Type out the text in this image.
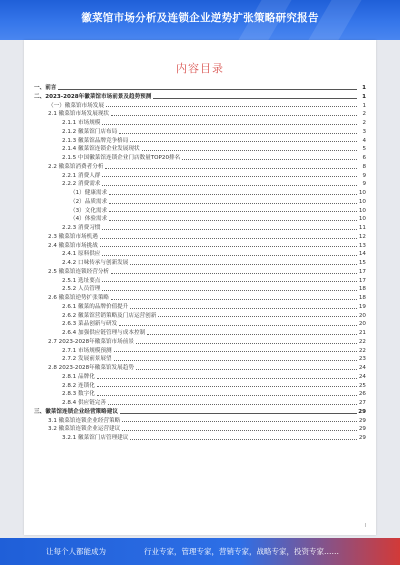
徽菜馆市场分析及连锁企业逆势扩张策略研究报告
内容目录
一、前言	1
二、2023-2028年徽菜馆市场前景及趋势预测	1
（一）徽菜馆市场发展	1
2.1 徽菜馆市场发展现状	2
2.1.1 市场规模	2
2.1.2 徽菜馆门店布局	3
2.1.3 徽菜馆品牌竞争格局	4
2.1.4 徽菜馆连锁企业发展现状	5
2.1.5 中国徽菜馆连锁企业门店数量TOP20排名	6
2.2 徽菜馆消费者分析	8
2.2.1 消费人群	9
2.2.2 消费需求	9
（1）健康需求	10
（2）品质需求	10
（3）文化需求	10
（4）体验需求	10
2.2.3 消费习惯	11
2.3 徽菜馆市场机遇	12
2.4 徽菜馆市场挑战	13
2.4.1 原料供应	14
2.4.2 口味传承与创新发展	15
2.5 徽菜馆连锁经营分析	17
2.5.1 选址要点	17
2.5.2 人员管理	18
2.6 徽菜馆逆势扩张策略	18
2.6.1 徽菜的品牌价值提升	19
2.6.2 徽菜馆营销策略及门店运营创新	20
2.6.3 菜品创新与研发	20
2.6.4 加强供应链管理与成本控制	21
2.7 2023-2028年徽菜馆市场前景	22
2.7.1 市场规模预测	22
2.7.2 发展前景展望	23
2.8 2023-2028年徽菜馆发展趋势	24
2.8.1 品牌化	24
2.8.2 连锁化	25
2.8.3 数字化	26
2.8.4 供应链完善	27
三、徽菜馆连锁企业经营策略建议	29
3.1 徽菜馆连锁企业经营策略	29
3.2 徽菜馆连锁企业运营建议	29
3.2.1 徽菜馆门店管理建议	29
I
让每个人都能成为	行业专家，管理专家，营销专家，战略专家，投资专家……
